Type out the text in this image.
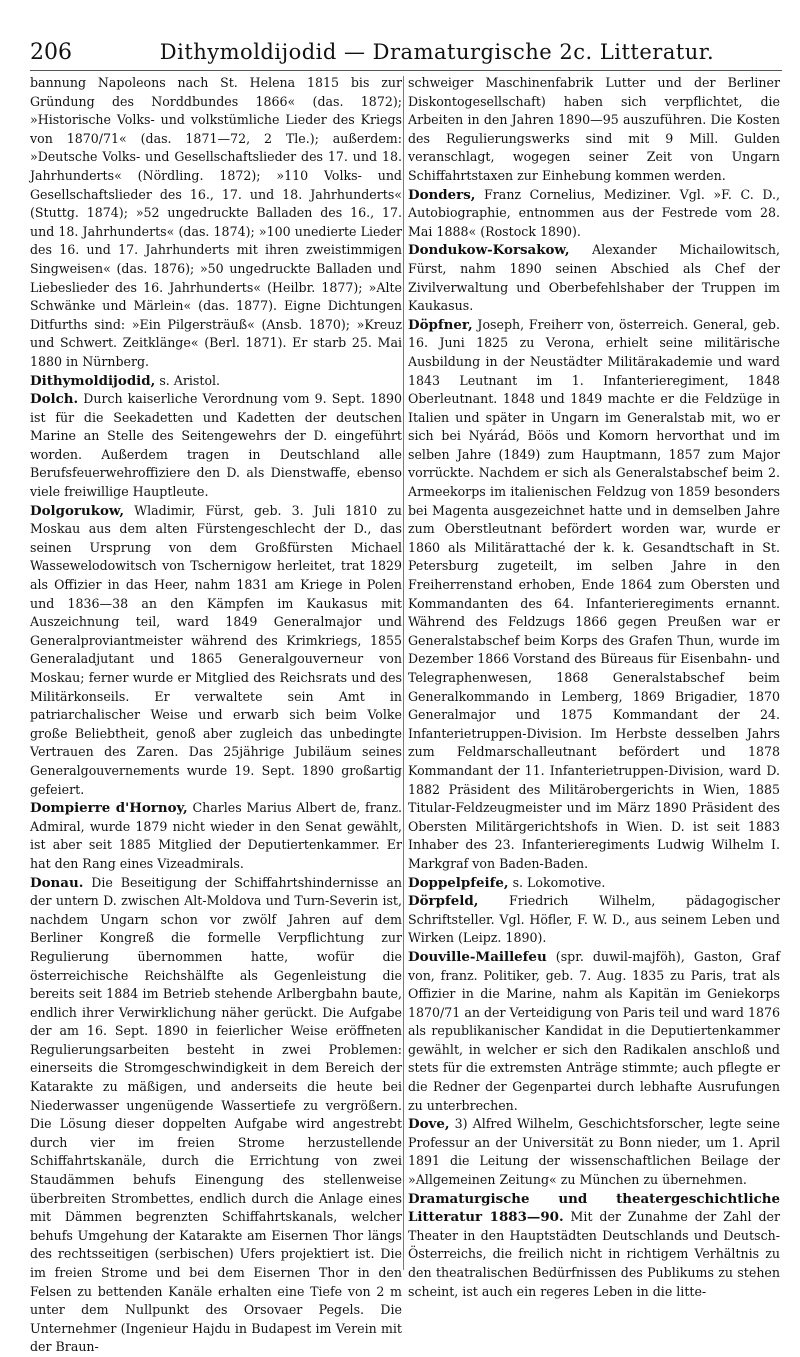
206	Dithymoldijodid — Dramaturgische 2c. Litteratur.

bannung Napoleons nach St. Helena 1815 bis zur Gründung des Norddbundes 1866« (das. 1872); »Historische Volks- und volkstümliche Lieder des Kriegs von 1870/71« (das. 1871—72, 2 Tle.); außerdem: »Deutsche Volks- und Gesellschaftslieder des 17. und 18. Jahrhunderts« (Nördling. 1872); »110 Volks- und Gesellschaftslieder des 16., 17. und 18. Jahrhunderts« (Stuttg. 1874); »52 ungedruckte Balladen des 16., 17. und 18. Jahrhunderts« (das. 1874); »100 unedierte Lieder des 16. und 17. Jahrhunderts mit ihren zweistimmigen Singweisen« (das. 1876); »50 ungedruckte Balladen und Liebeslieder des 16. Jahrhunderts« (Heilbr. 1877); »Alte Schwänke und Märlein« (das. 1877). Eigne Dichtungen Ditfurths sind: »Ein Pilgersträuß« (Ansb. 1870); »Kreuz und Schwert. Zeitklänge« (Berl. 1871). Er starb 25. Mai 1880 in Nürnberg.

Dithymoldijodid, s. Aristol.

Dolch. Durch kaiserliche Verordnung vom 9. Sept. 1890 ist für die Seekadetten und Kadetten der deutschen Marine an Stelle des Seitengewehrs der D. eingeführt worden. Außerdem tragen in Deutschland alle Berufsfeuerwehroffiziere den D. als Dienstwaffe, ebenso viele freiwillige Hauptleute.

Dolgorukow, Wladimir, Fürst, geb. 3. Juli 1810 zu Moskau aus dem alten Fürstengeschlecht der D., das seinen Ursprung von dem Großfürsten Michael Wassewelodowitsch von Tschernigow herleitet, trat 1829 als Offizier in das Heer, nahm 1831 am Kriege in Polen und 1836—38 an den Kämpfen im Kaukasus mit Auszeichnung teil, ward 1849 Generalmajor und Generalproviantmeister während des Krimkriegs, 1855 Generaladjutant und 1865 Generalgouverneur von Moskau; ferner wurde er Mitglied des Reichsrats und des Militärkonseils. Er verwaltete sein Amt in patriarchalischer Weise und erwarb sich beim Volke große Beliebtheit, genoß aber zugleich das unbedingte Vertrauen des Zaren. Das 25jährige Jubiläum seines Generalgouvernements wurde 19. Sept. 1890 großartig gefeiert.

Dompierre d'Hornoy, Charles Marius Albert de, franz. Admiral, wurde 1879 nicht wieder in den Senat gewählt, ist aber seit 1885 Mitglied der Deputiertenkammer. Er hat den Rang eines Vizeadmirals.

Donau. Die Beseitigung der Schiffahrtshindernisse an der untern D. zwischen Alt-Moldova und Turn-Severin ist, nachdem Ungarn schon vor zwölf Jahren auf dem Berliner Kongreß die formelle Verpflichtung zur Regulierung übernommen hatte, wofür die österreichische Reichshälfte als Gegenleistung die bereits seit 1884 im Betrieb stehende Arlbergbahn baute, endlich ihrer Verwirklichung näher gerückt. Die Aufgabe der am 16. Sept. 1890 in feierlicher Weise eröffneten Regulierungsarbeiten besteht in zwei Problemen: einerseits die Stromgeschwindigkeit in dem Bereich der Katarakte zu mäßigen, und anderseits die heute bei Niederwasser ungenügende Wassertiefe zu vergrößern. Die Lösung dieser doppelten Aufgabe wird angestrebt durch vier im freien Strome herzustellende Schiffahrtskanäle, durch die Errichtung von zwei Staudämmen behufs Einengung des stellenweise überbreiten Strombettes, endlich durch die Anlage eines mit Dämmen begrenzten Schiffahrtskanals, welcher behufs Umgehung der Katarakte am Eisernen Thor längs des rechtsseitigen (serbischen) Ufers projektiert ist. Die im freien Strome und bei dem Eisernen Thor in den Felsen zu bettenden Kanäle erhalten eine Tiefe von 2 m unter dem Nullpunkt des Orsovaer Pegels. Die Unternehmer (Ingenieur Hajdu in Budapest im Verein mit der Braun-

schweiger Maschinenfabrik Lutter und der Berliner Diskontogesellschaft) haben sich verpflichtet, die Arbeiten in den Jahren 1890—95 auszuführen. Die Kosten des Regulierungswerks sind mit 9 Mill. Gulden veranschlagt, wogegen seiner Zeit von Ungarn Schiffahrtstaxen zur Einhebung kommen werden.

Donders, Franz Cornelius, Mediziner. Vgl. »F. C. D., Autobiographie, entnommen aus der Festrede vom 28. Mai 1888« (Rostock 1890).

Dondukow-Korsakow, Alexander Michailowitsch, Fürst, nahm 1890 seinen Abschied als Chef der Zivilverwaltung und Oberbefehlshaber der Truppen im Kaukasus.

Döpfner, Joseph, Freiherr von, österreich. General, geb. 16. Juni 1825 zu Verona, erhielt seine militärische Ausbildung in der Neustädter Militärakademie und ward 1843 Leutnant im 1. Infanterieregiment, 1848 Oberleutnant. 1848 und 1849 machte er die Feldzüge in Italien und später in Ungarn im Generalstab mit, wo er sich bei Nyárád, Böös und Komorn hervorthat und im selben Jahre (1849) zum Hauptmann, 1857 zum Major vorrückte. Nachdem er sich als Generalstabschef beim 2. Armeekorps im italienischen Feldzug von 1859 besonders bei Magenta ausgezeichnet hatte und in demselben Jahre zum Oberstleutnant befördert worden war, wurde er 1860 als Militärattaché der k. k. Gesandtschaft in St. Petersburg zugeteilt, im selben Jahre in den Freiherrenstand erhoben, Ende 1864 zum Obersten und Kommandanten des 64. Infanterieregiments ernannt. Während des Feldzugs 1866 gegen Preußen war er Generalstabschef beim Korps des Grafen Thun, wurde im Dezember 1866 Vorstand des Büreaus für Eisenbahn- und Telegraphenwesen, 1868 Generalstabschef beim Generalkommando in Lemberg, 1869 Brigadier, 1870 Generalmajor und 1875 Kommandant der 24. Infanterietruppen-Division. Im Herbste desselben Jahrs zum Feldmarschalleutnant befördert und 1878 Kommandant der 11. Infanterietruppen-Division, ward D. 1882 Präsident des Militärobergerichts in Wien, 1885 Titular-Feldzeugmeister und im März 1890 Präsident des Obersten Militärgerichtshofs in Wien. D. ist seit 1883 Inhaber des 23. Infanterieregiments Ludwig Wilhelm I. Markgraf von Baden-Baden.

Doppelpfeife, s. Lokomotive.

Dörpfeld, Friedrich Wilhelm, pädagogischer Schriftsteller. Vgl. Höfler, F. W. D., aus seinem Leben und Wirken (Leipz. 1890).

Douville-Maillefeu (spr. duwil-majföh), Gaston, Graf von, franz. Politiker, geb. 7. Aug. 1835 zu Paris, trat als Offizier in die Marine, nahm als Kapitän im Geniekorps 1870/71 an der Verteidigung von Paris teil und ward 1876 als republikanischer Kandidat in die Deputiertenkammer gewählt, in welcher er sich den Radikalen anschloß und stets für die extremsten Anträge stimmte; auch pflegte er die Redner der Gegenpartei durch lebhafte Ausrufungen zu unterbrechen.

Dove, 3) Alfred Wilhelm, Geschichtsforscher, legte seine Professur an der Universität zu Bonn nieder, um 1. April 1891 die Leitung der wissenschaftlichen Beilage der »Allgemeinen Zeitung« zu München zu übernehmen.

Dramaturgische und theatergeschichtliche Litteratur 1883—90. Mit der Zunahme der Zahl der Theater in den Hauptstädten Deutschlands und Deutsch-Österreichs, die freilich nicht in richtigem Verhältnis zu den theatralischen Bedürfnissen des Publikums zu stehen scheint, ist auch ein regeres Leben in die litte-
